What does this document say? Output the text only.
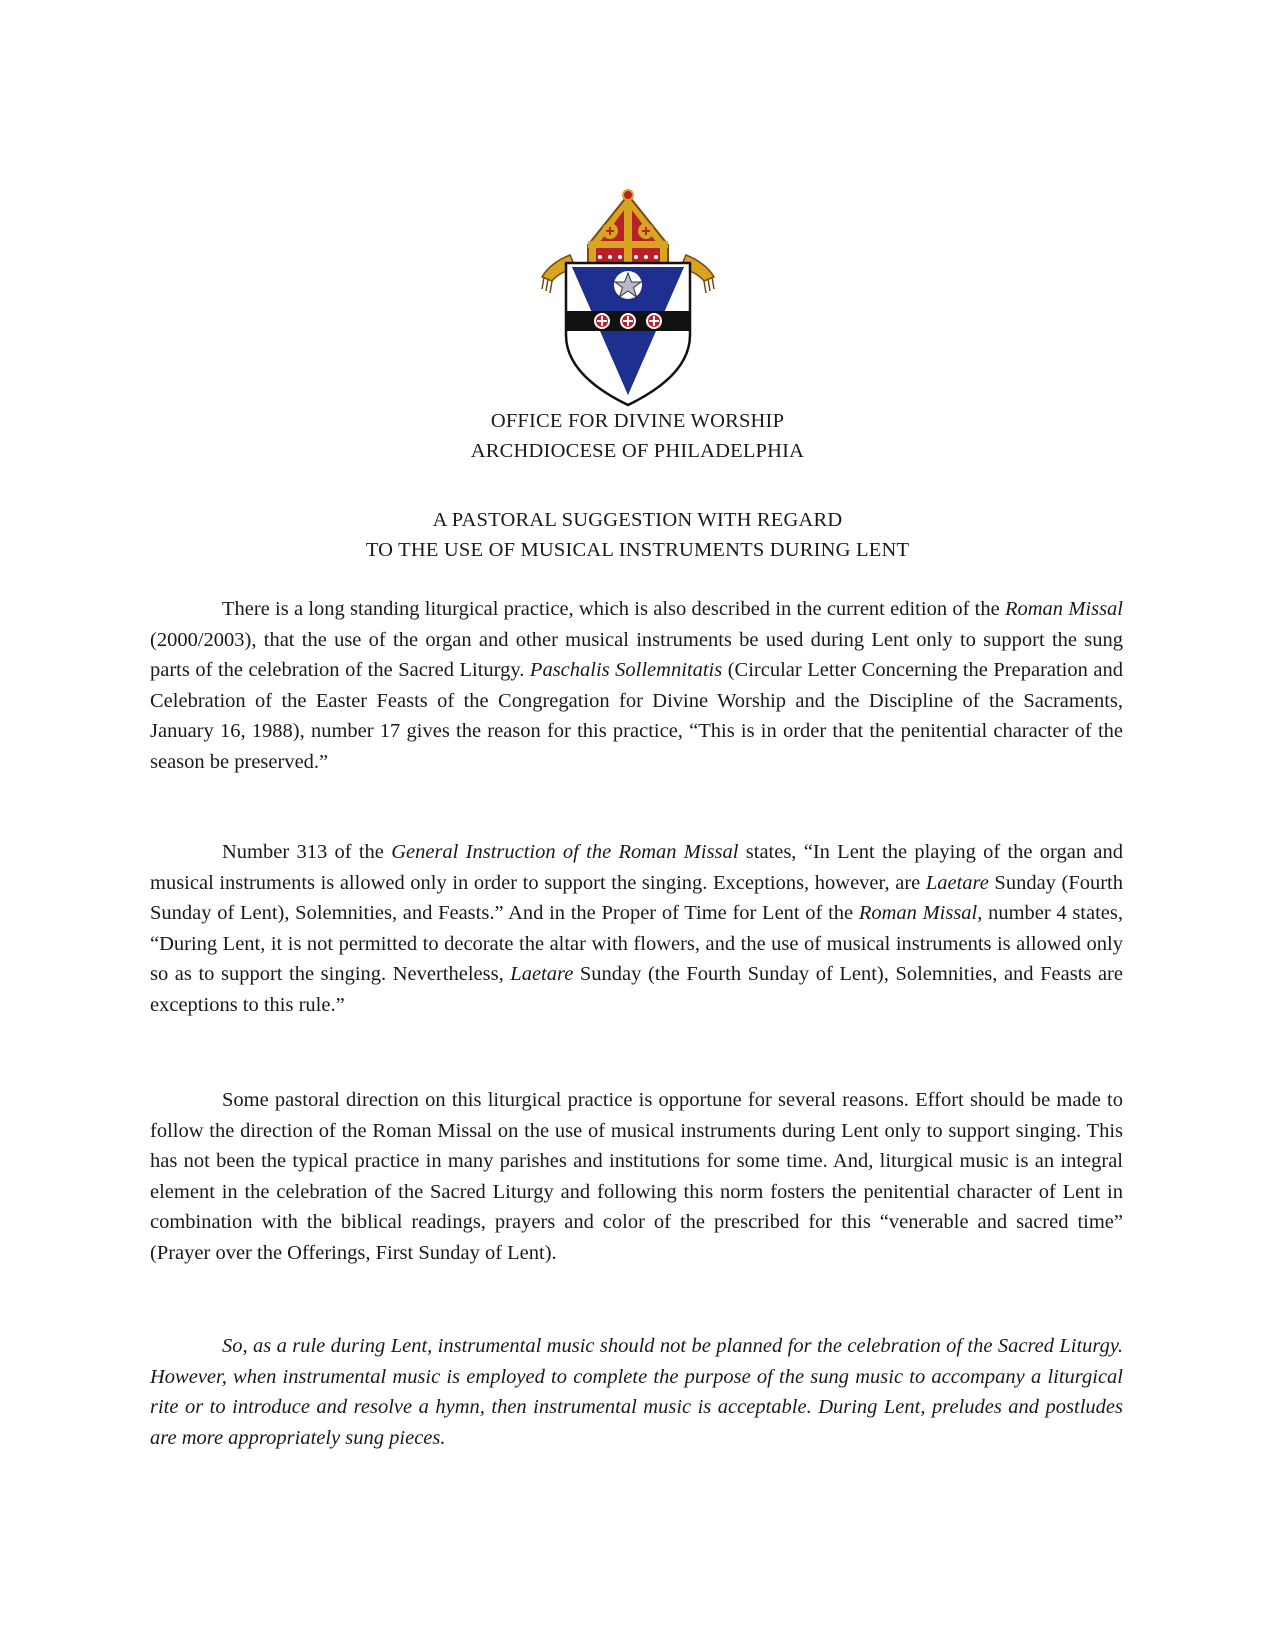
OFFICE FOR DIVINE WORSHIP
ARCHDIOCESE OF PHILADELPHIA
A PASTORAL SUGGESTION WITH REGARD
TO THE USE OF MUSICAL INSTRUMENTS DURING LENT

There is a long standing liturgical practice, which is also described in the current edition of the Roman Missal (2000/2003), that the use of the organ and other musical instruments be used during Lent only to support the sung parts of the celebration of the Sacred Liturgy. Paschalis Sollemnitatis (Circular Letter Concerning the Preparation and Celebration of the Easter Feasts of the Congregation for Divine Worship and the Discipline of the Sacraments, January 16, 1988), number 17 gives the reason for this practice, “This is in order that the penitential character of the season be preserved.”

Number 313 of the General Instruction of the Roman Missal states, “In Lent the playing of the organ and musical instruments is allowed only in order to support the singing. Exceptions, however, are Laetare Sunday (Fourth Sunday of Lent), Solemnities, and Feasts.” And in the Proper of Time for Lent of the Roman Missal, number 4 states, “During Lent, it is not permitted to decorate the altar with flowers, and the use of musical instruments is allowed only so as to support the singing. Nevertheless, Laetare Sunday (the Fourth Sunday of Lent), Solemnities, and Feasts are exceptions to this rule.”

Some pastoral direction on this liturgical practice is opportune for several reasons. Effort should be made to follow the direction of the Roman Missal on the use of musical instruments during Lent only to support singing. This has not been the typical practice in many parishes and institutions for some time. And, liturgical music is an integral element in the celebration of the Sacred Liturgy and following this norm fosters the penitential character of Lent in combination with the biblical readings, prayers and color of the prescribed for this “venerable and sacred time” (Prayer over the Offerings, First Sunday of Lent).

So, as a rule during Lent, instrumental music should not be planned for the celebration of the Sacred Liturgy. However, when instrumental music is employed to complete the purpose of the sung music to accompany a liturgical rite or to introduce and resolve a hymn, then instrumental music is acceptable. During Lent, preludes and postludes are more appropriately sung pieces.
